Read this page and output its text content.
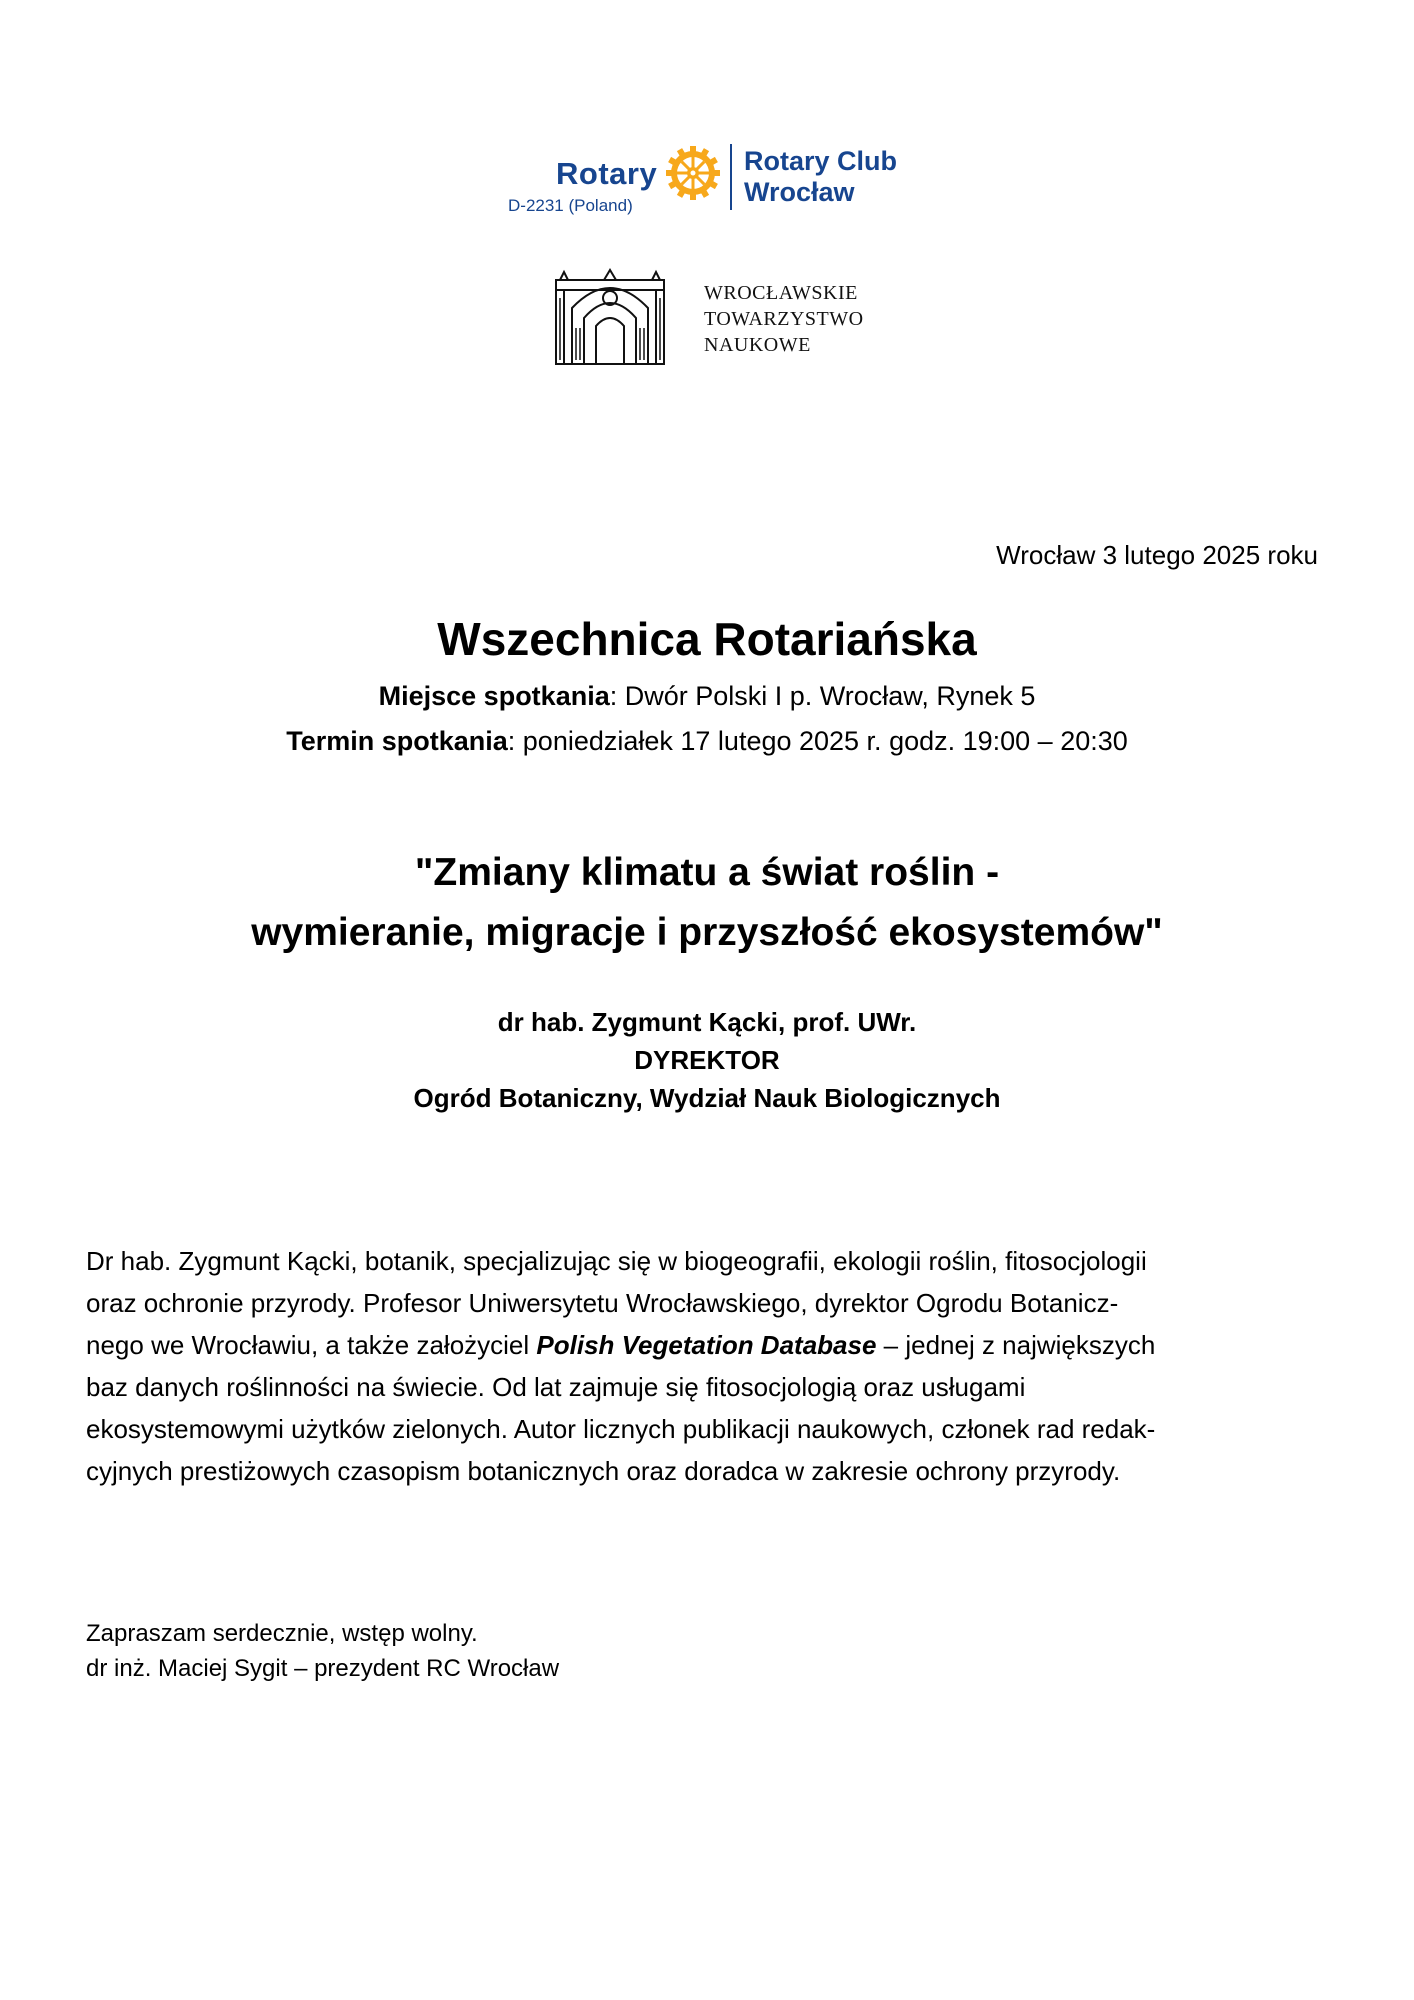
Rotary
D-2231 (Poland)
Rotary Club
Wrocław
WROCŁAWSKIE
TOWARZYSTWO
NAUKOWE
Wrocław 3 lutego 2025 roku
Wszechnica Rotariańska
Miejsce spotkania: Dwór Polski I p. Wrocław, Rynek 5
Termin spotkania: poniedziałek 17 lutego 2025 r. godz. 19:00 – 20:30
"Zmiany klimatu a świat roślin -
wymieranie, migracje i przyszłość ekosystemów"
dr hab. Zygmunt Kącki, prof. UWr.
DYREKTOR
Ogród Botaniczny, Wydział Nauk Biologicznych
Dr hab. Zygmunt Kącki, botanik, specjalizując się w biogeografii, ekologii roślin, fitosocjologii
oraz ochronie przyrody. Profesor Uniwersytetu Wrocławskiego, dyrektor Ogrodu Botanicz-
nego we Wrocławiu, a także założyciel Polish Vegetation Database – jednej z największych
baz danych roślinności na świecie. Od lat zajmuje się fitosocjologią oraz usługami
ekosystemowymi użytków zielonych. Autor licznych publikacji naukowych, członek rad redak-
cyjnych prestiżowych czasopism botanicznych oraz doradca w zakresie ochrony przyrody.
Zapraszam serdecznie, wstęp wolny.
dr inż. Maciej Sygit – prezydent RC Wrocław
